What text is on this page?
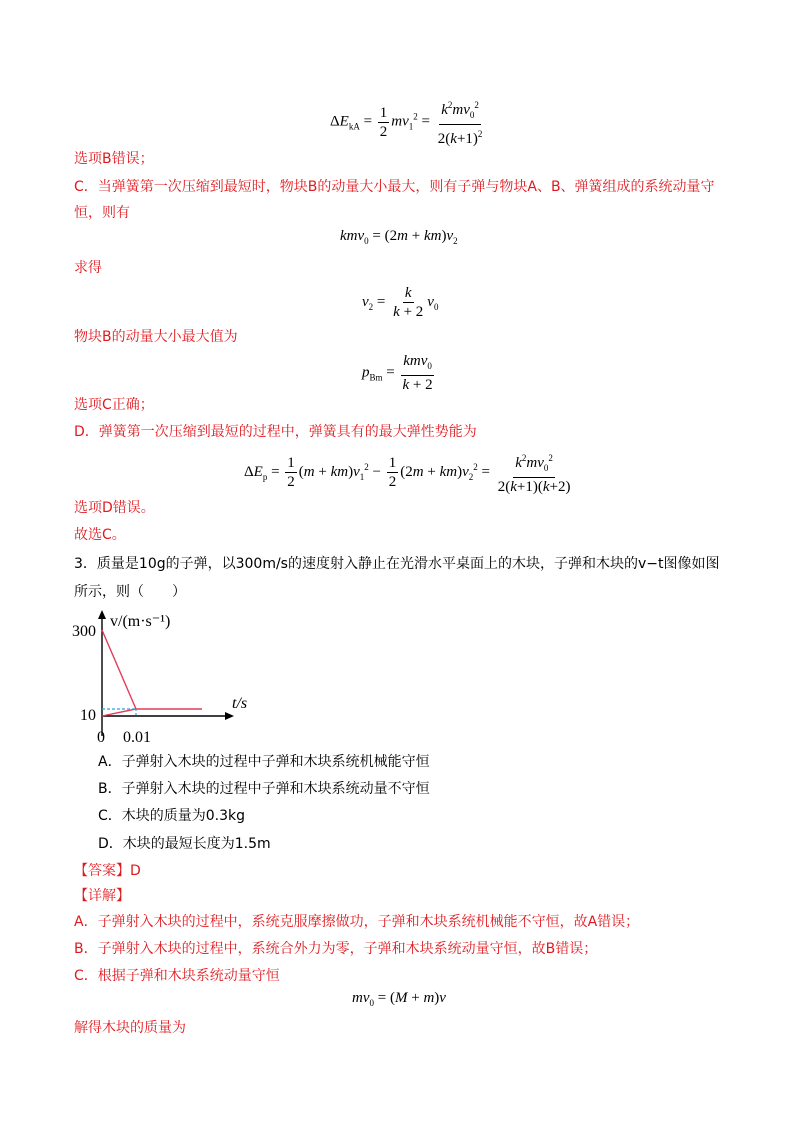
$\Delta E_{kA} = \frac{1}{2} mv_1^2 = \frac{k^2mv_0^2}{2(k+1)^2}$
选项B错误；
C．当弹簧第一次压缩到最短时，物块B的动量大小最大，则有子弹与物块A、B、弹簧组成的系统动量守
恒，则有
$kmv_0 = (2m + km)v_2$
求得
$v_2 = \frac{k}{k + 2} v_0$
物块B的动量大小最大值为
$p_{Bm} = \frac{kmv_0}{k + 2}$
选项C正确；
D．弹簧第一次压缩到最短的过程中，弹簧具有的最大弹性势能为
$\Delta E_p = \frac{1}{2} (m + km)v_1^2 - \frac{1}{2} (2m + km)v_2^2 = \frac{k^2mv_0^2}{2(k+1)(k+2)}$
选项D错误。
故选C。
3．质量是10g的子弹，以300m/s的速度射入静止在光滑水平桌面上的木块，子弹和木块的v−t图像如图
所示，则（　　）
300
10
0 0.01
v/(m·s⁻¹)
t/s
A．子弹射入木块的过程中子弹和木块系统机械能守恒
B．子弹射入木块的过程中子弹和木块系统动量不守恒
C．木块的质量为0.3kg
D．木块的最短长度为1.5m
【答案】D
【详解】
A．子弹射入木块的过程中，系统克服摩擦做功，子弹和木块系统机械能不守恒，故A错误；
B．子弹射入木块的过程中，系统合外力为零，子弹和木块系统动量守恒，故B错误；
C．根据子弹和木块系统动量守恒
$mv_0 = (M + m)v$
解得木块的质量为
